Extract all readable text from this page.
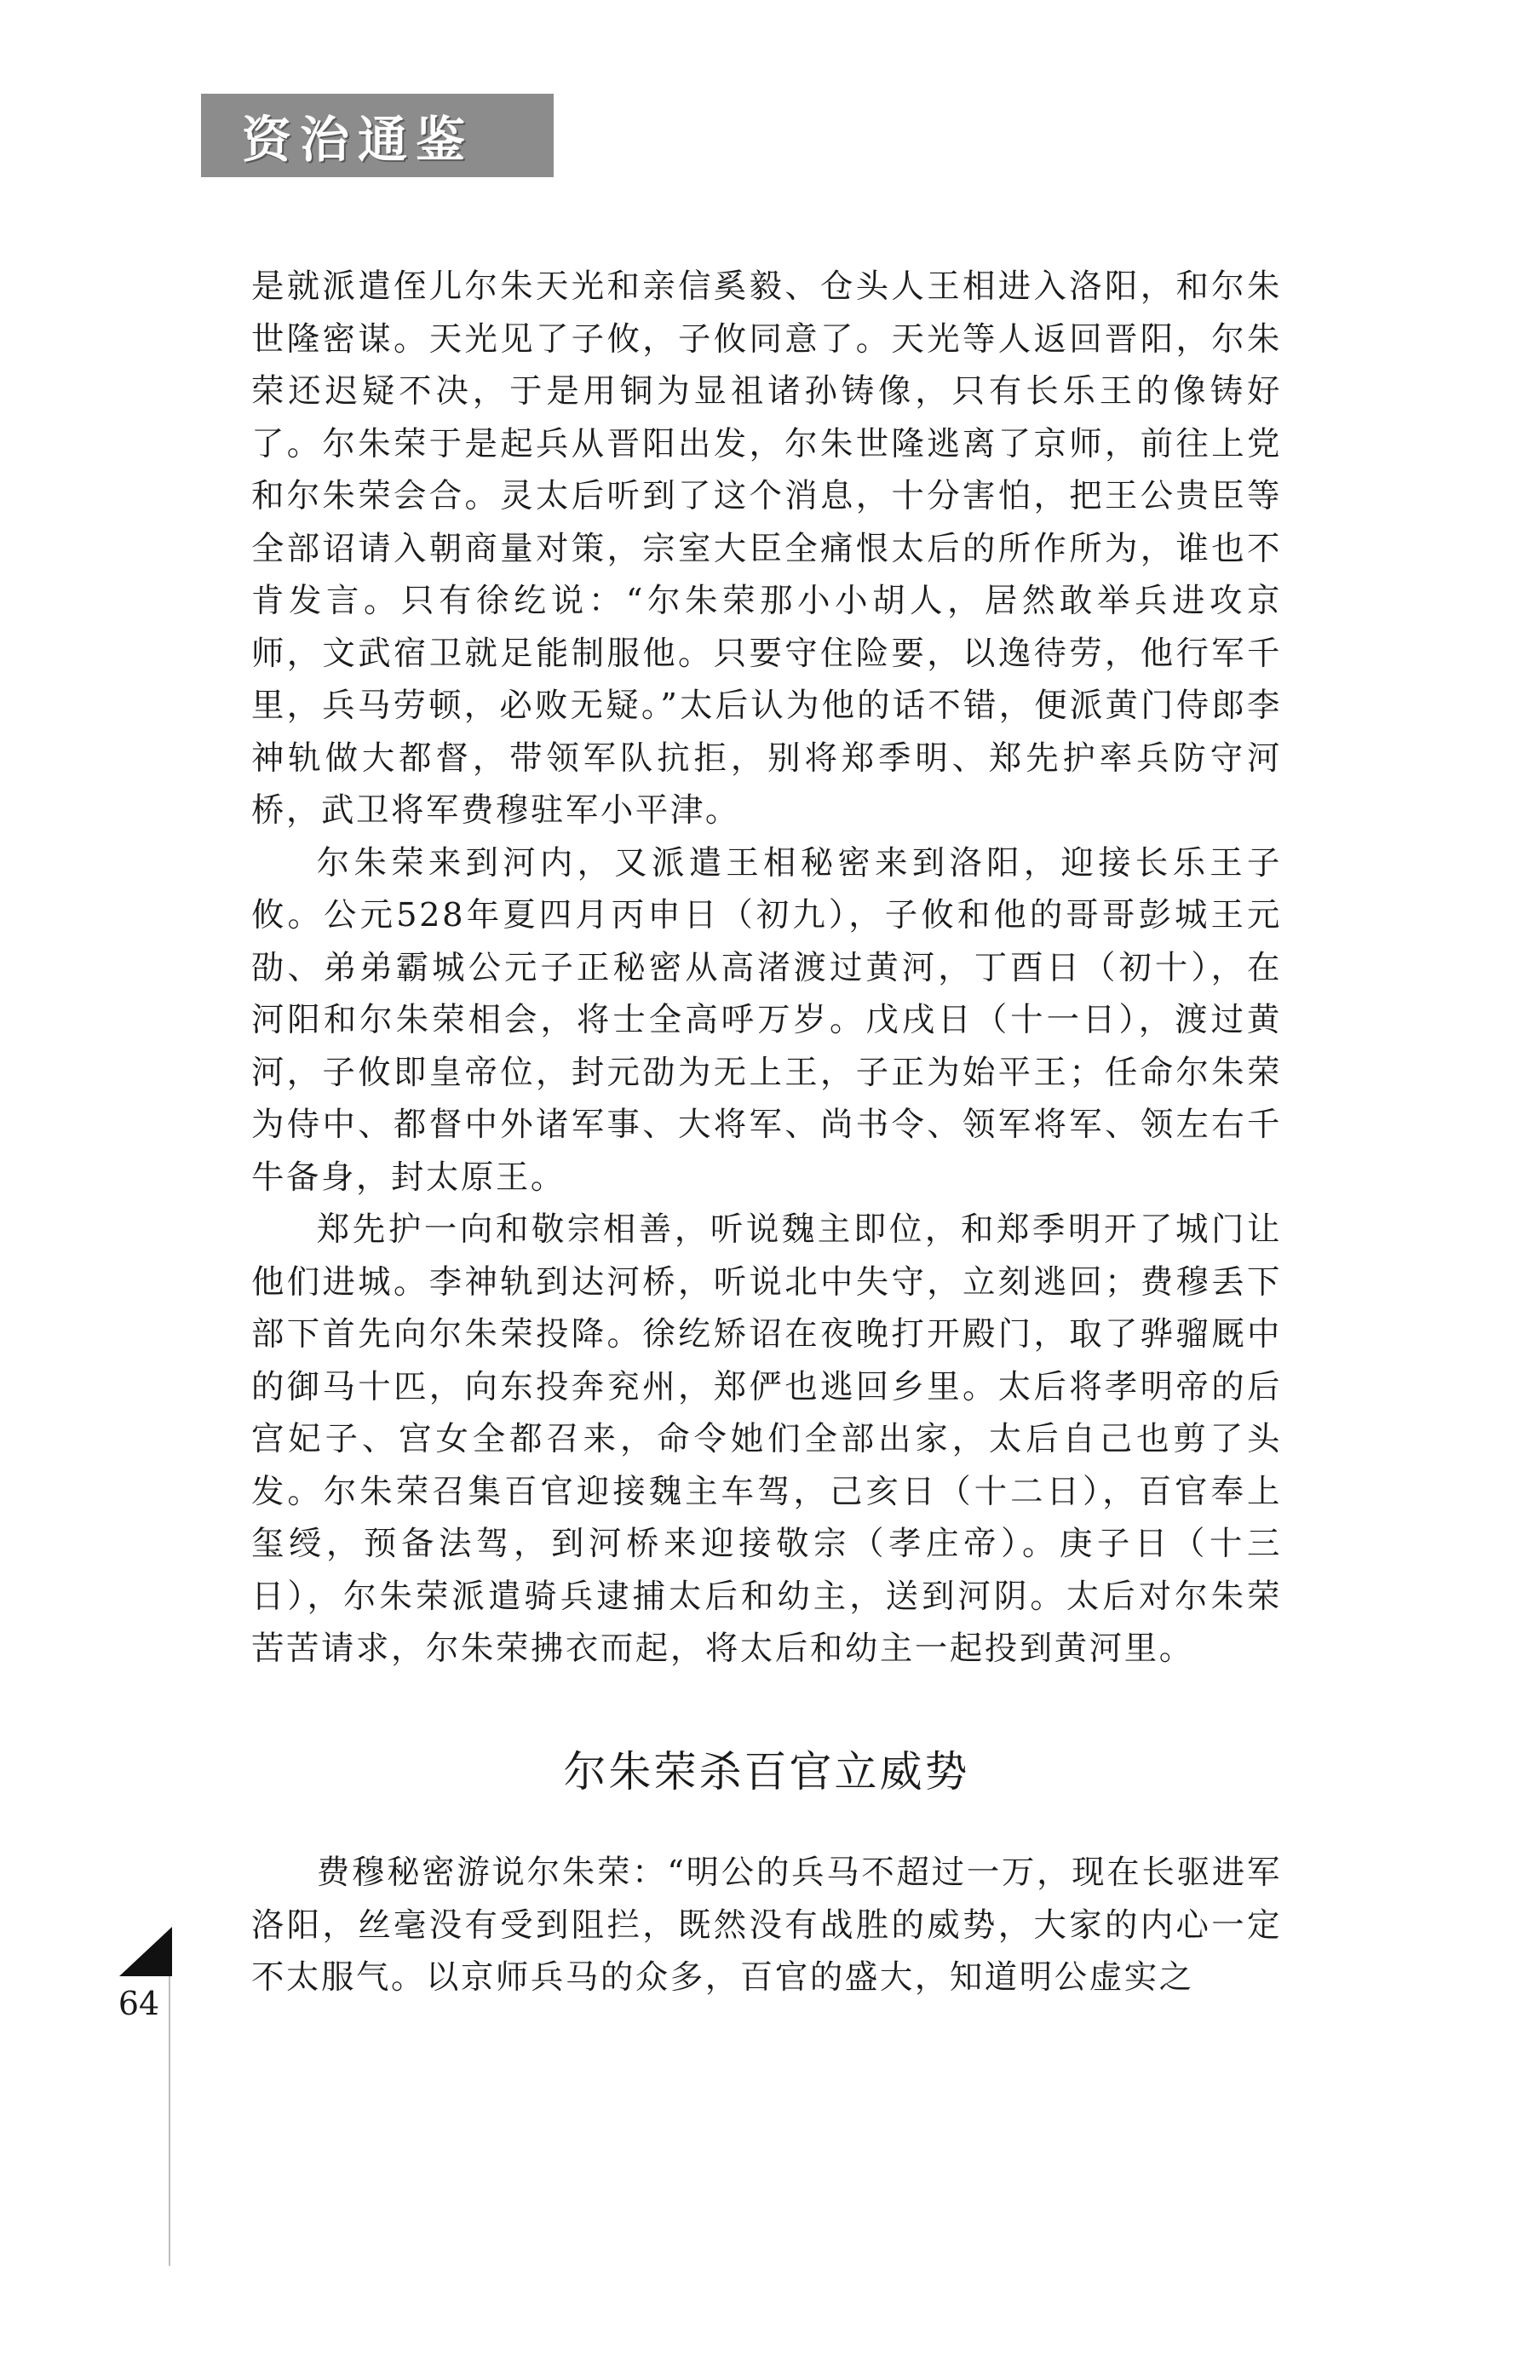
资治通鉴

是就派遣侄儿尔朱天光和亲信奚毅、仓头人王相进入洛阳，和尔朱世隆密谋。天光见了子攸，子攸同意了。天光等人返回晋阳，尔朱荣还迟疑不决，于是用铜为显祖诸孙铸像，只有长乐王的像铸好了。尔朱荣于是起兵从晋阳出发，尔朱世隆逃离了京师，前往上党和尔朱荣会合。灵太后听到了这个消息，十分害怕，把王公贵臣等全部诏请入朝商量对策，宗室大臣全痛恨太后的所作所为，谁也不肯发言。只有徐纥说：“尔朱荣那小小胡人，居然敢举兵进攻京师，文武宿卫就足能制服他。只要守住险要，以逸待劳，他行军千里，兵马劳顿，必败无疑。”太后认为他的话不错，便派黄门侍郎李神轨做大都督，带领军队抗拒，别将郑季明、郑先护率兵防守河桥，武卫将军费穆驻军小平津。

尔朱荣来到河内，又派遣王相秘密来到洛阳，迎接长乐王子攸。公元528年夏四月丙申日（初九），子攸和他的哥哥彭城王元劭、弟弟霸城公元子正秘密从高渚渡过黄河，丁酉日（初十），在河阳和尔朱荣相会，将士全高呼万岁。戊戌日（十一日），渡过黄河，子攸即皇帝位，封元劭为无上王，子正为始平王；任命尔朱荣为侍中、都督中外诸军事、大将军、尚书令、领军将军、领左右千牛备身，封太原王。

郑先护一向和敬宗相善，听说魏主即位，和郑季明开了城门让他们进城。李神轨到达河桥，听说北中失守，立刻逃回；费穆丢下部下首先向尔朱荣投降。徐纥矫诏在夜晚打开殿门，取了骅骝厩中的御马十匹，向东投奔兖州，郑俨也逃回乡里。太后将孝明帝的后宫妃子、宫女全都召来，命令她们全部出家，太后自己也剪了头发。尔朱荣召集百官迎接魏主车驾，己亥日（十二日），百官奉上玺绶，预备法驾，到河桥来迎接敬宗（孝庄帝）。庚子日（十三日），尔朱荣派遣骑兵逮捕太后和幼主，送到河阴。太后对尔朱荣苦苦请求，尔朱荣拂衣而起，将太后和幼主一起投到黄河里。

尔朱荣杀百官立威势

费穆秘密游说尔朱荣：“明公的兵马不超过一万，现在长驱进军洛阳，丝毫没有受到阻拦，既然没有战胜的威势，大家的内心一定不太服气。以京师兵马的众多，百官的盛大，知道明公虚实之

64
